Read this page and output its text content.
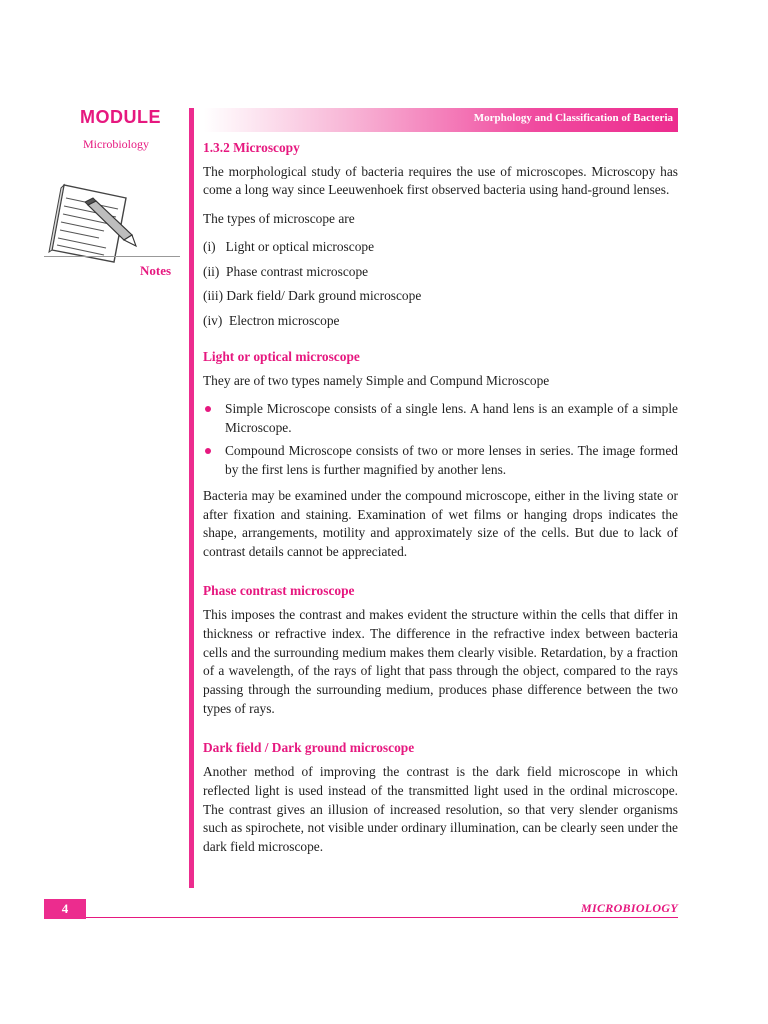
MODULE
Microbiology
Notes
Morphology and Classification of Bacteria

1.3.2 Microscopy

The morphological study of bacteria requires the use of microscopes. Microscopy has come a long way since Leeuwenhoek first observed bacteria using hand-ground lenses.

The types of microscope are

(i)   Light or optical microscope

(ii)  Phase contrast microscope

(iii) Dark field/ Dark ground microscope

(iv)  Electron microscope

Light or optical microscope

They are of two types namely Simple and Compund Microscope

Simple Microscope consists of a single lens. A hand lens is an example of a simple Microscope.

Compound Microscope consists of two or more lenses in series. The image formed by the first lens is further magnified by another lens.

Bacteria may be examined under the compound microscope, either in the living state or after fixation and staining. Examination of wet films or hanging drops indicates the shape, arrangements, motility and approximately size of the cells. But due to lack of contrast details cannot be appreciated.

Phase contrast microscope

This imposes the contrast and makes evident the structure within the cells that differ in thickness or refractive index. The difference in the refractive index between bacteria cells and the surrounding medium makes them clearly visible. Retardation, by a fraction of a wavelength, of the rays of light that pass through the object, compared to the rays passing through the surrounding medium, produces phase difference between the two types of rays.

Dark field / Dark ground microscope

Another method of improving the contrast is the dark field microscope in which reflected light is used instead of the transmitted light used in the ordinal microscope. The contrast gives an illusion of increased resolution, so that very slender organisms such as spirochete, not visible under ordinary illumination, can be clearly seen under the dark field microscope.

4	MICROBIOLOGY
